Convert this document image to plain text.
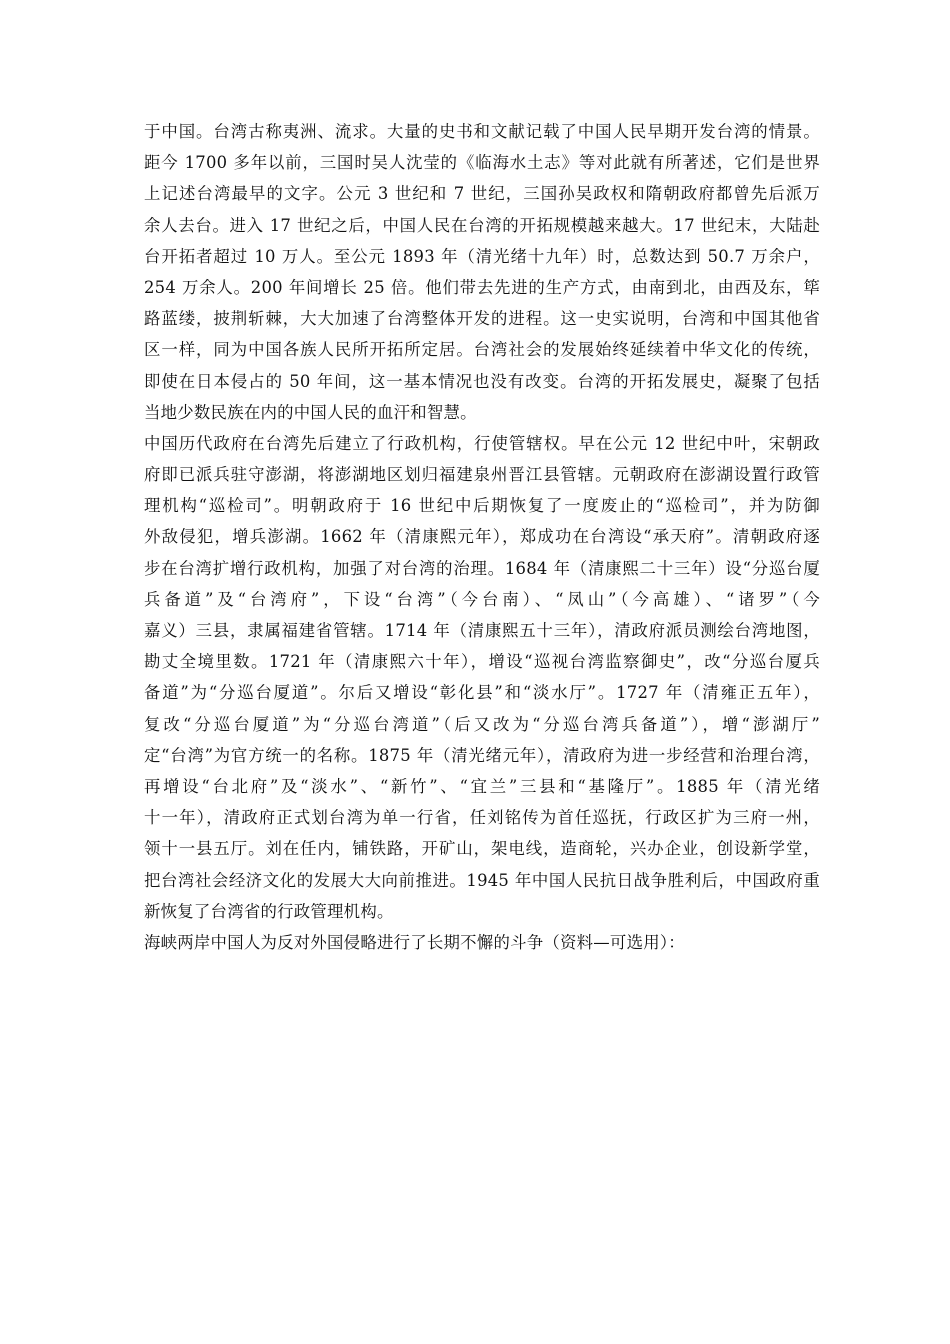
于中国。台湾古称夷洲、流求。大量的史书和文献记载了中国人民早期开发台湾的情景。
距今 1700 多年以前，三国时吴人沈莹的《临海水土志》等对此就有所著述，它们是世界
上记述台湾最早的文字。公元 3 世纪和 7 世纪，三国孙吴政权和隋朝政府都曾先后派万
余人去台。进入 17 世纪之后，中国人民在台湾的开拓规模越来越大。17 世纪末，大陆赴
台开拓者超过 10 万人。至公元 1893 年（清光绪十九年）时，总数达到 50.7 万余户，
254 万余人。200 年间增长 25 倍。他们带去先进的生产方式，由南到北，由西及东，筚
路蓝缕，披荆斩棘，大大加速了台湾整体开发的进程。这一史实说明，台湾和中国其他省
区一样，同为中国各族人民所开拓所定居。台湾社会的发展始终延续着中华文化的传统，
即使在日本侵占的 50 年间，这一基本情况也没有改变。台湾的开拓发展史，凝聚了包括
当地少数民族在内的中国人民的血汗和智慧。
中国历代政府在台湾先后建立了行政机构，行使管辖权。早在公元 12 世纪中叶，宋朝政
府即已派兵驻守澎湖，将澎湖地区划归福建泉州晋江县管辖。元朝政府在澎湖设置行政管
理机构“巡检司”。明朝政府于 16 世纪中后期恢复了一度废止的“巡检司”，并为防御
外敌侵犯，增兵澎湖。1662 年（清康熙元年），郑成功在台湾设“承天府”。清朝政府逐
步在台湾扩增行政机构，加强了对台湾的治理。1684 年（清康熙二十三年）设“分巡台厦
兵备道”及“台湾府”，下设“台湾”（今台南）、“凤山”（今高雄）、“诸罗”（今
嘉义）三县，隶属福建省管辖。1714 年（清康熙五十三年），清政府派员测绘台湾地图，
勘丈全境里数。1721 年（清康熙六十年），增设“巡视台湾监察御史”，改“分巡台厦兵
备道”为“分巡台厦道”。尔后又增设“彰化县”和“淡水厅”。1727 年（清雍正五年），
复改“分巡台厦道”为“分巡台湾道”（后又改为“分巡台湾兵备道”），增“澎湖厅”
定“台湾”为官方统一的名称。1875 年（清光绪元年），清政府为进一步经营和治理台湾，
再增设“台北府”及“淡水”、“新竹”、“宜兰”三县和“基隆厅”。1885 年（清光绪
十一年），清政府正式划台湾为单一行省，任刘铭传为首任巡抚，行政区扩为三府一州，
领十一县五厅。刘在任内，铺铁路，开矿山，架电线，造商轮，兴办企业，创设新学堂，
把台湾社会经济文化的发展大大向前推进。1945 年中国人民抗日战争胜利后，中国政府重
新恢复了台湾省的行政管理机构。
海峡两岸中国人为反对外国侵略进行了长期不懈的斗争（资料—可选用）：
